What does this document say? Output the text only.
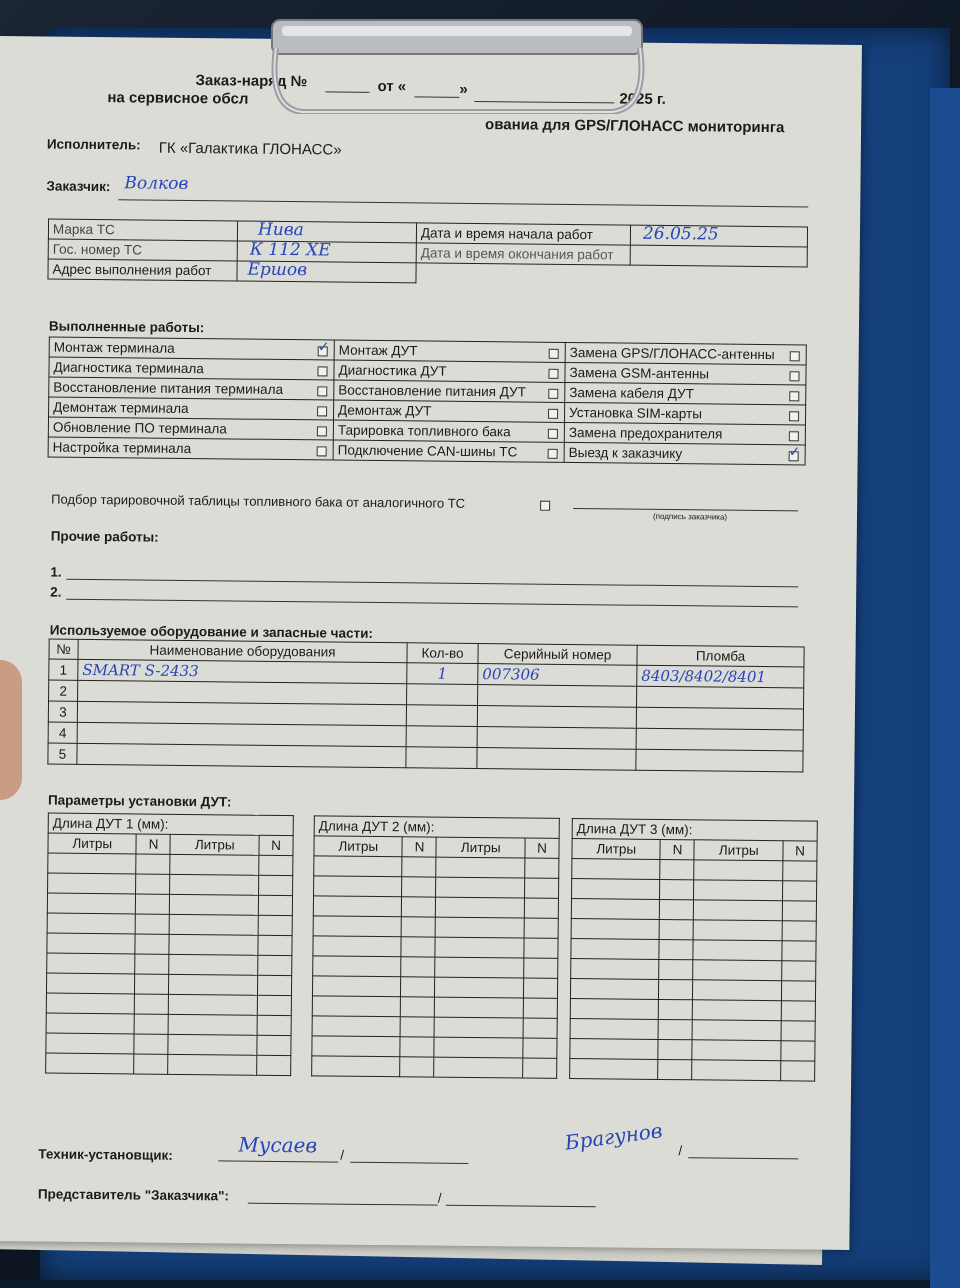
Заказ-наряд №	от «	»
2025 г.
на сервисное обсл
ованиa для GPS/ГЛОНАСС мониторинга
Исполнитель: ГК «Галактика ГЛОНАСС»
Заказчик: Волков
Марка ТС	Нива	Дата и время начала работ	26.05.25

Гос. номер ТС	К 112 ХЕ	Дата и время окончания работ	
Адрес выполнения работ	Ершов		

Выполненные работы:
Монтаж терминала ✓	Монтаж ДУТ	Замена GPS/ГЛОНАСС-антенны

Диагностика терминала	Диагностика ДУТ	Замена GSM-антенны

Восстановление питания терминала	Восстановление питания ДУТ	Замена кабеля ДУТ

Демонтаж терминала	Демонтаж ДУТ	Установка SIM-карты

Обновление ПО терминала	Тарировка топливного бака	Замена предохранителя

Настройка терминала	Подключение CAN-шины ТС	Выезд к заказчику ✓
Подбор тарировочной таблицы топливного бака от аналогичного ТС
(подпись заказчика)
Прочие работы:
1.
2.
Используемое оборудование и запасные части:
№	Наименование оборудования	Кол-во	Серийный номер	Пломба
1	SMART S-2433	1	007306	8403/8402/8401
2				
3				
4				
5				
Параметры установки ДУТ:
Длина ДУТ 1 (мм):			
Литры	N	Литры	N

Длина ДУТ 2 (мм):			
Литры	N	Литры	N

Длина ДУТ 3 (мм):			
Литры	N	Литры	N

Техник-установщик:	Мусаев /
Брагунов /
Представитель "Заказчика":	/
